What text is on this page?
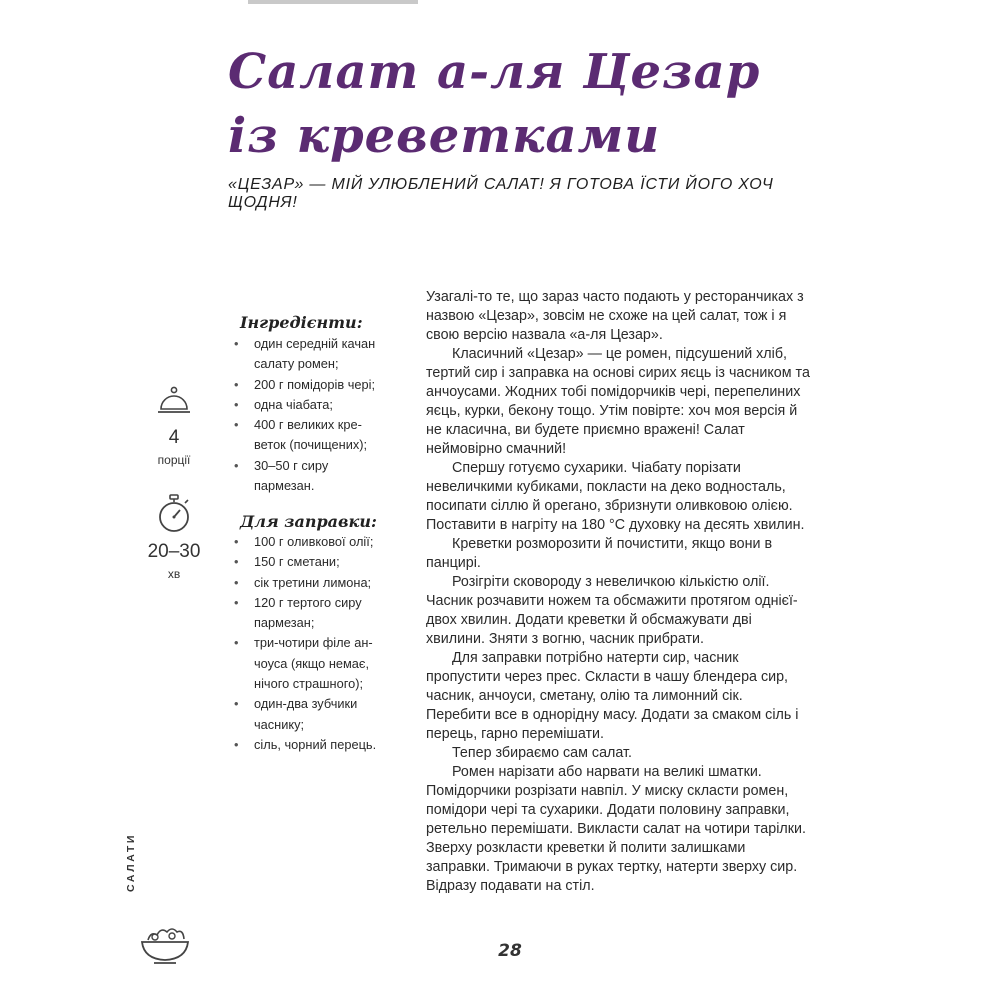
Салат а-ля Цезар
із креветками
«ЦЕЗАР» — МІЙ УЛЮБЛЕНИЙ САЛАТ! Я ГОТОВА ЇСТИ ЙОГО ХОЧ ЩОДНЯ!
4
порції
20–30
хв
Інгредієнти:
• один середній качан салату ромен;
• 200 г помідорів чері;
• одна чіабата;
• 400 г великих кре-веток (почищених);
• 30–50 г сиру пармезан.
Для заправки:
• 100 г оливкової олії;
• 150 г сметани;
• сік третини лимона;
• 120 г тертого сиру пармезан;
• три-чотири філе ан-чоуса (якщо немає, нічого страшного);
• один-два зубчики часнику;
• сіль, чорний перець.

Узагалі-то те, що зараз часто подають у ресторанчиках з назвою «Цезар», зовсім не схоже на цей салат, тож і я свою версію назвала «а-ля Цезар».

Класичний «Цезар» — це ромен, підсушений хліб, тертий сир і заправка на основі сирих яєць із часником та анчоусами. Жодних тобі помідорчиків чері, перепелиних яєць, курки, бекону тощо. Утім повірте: хоч моя версія й не класична, ви будете приємно вражені! Салат неймовірно смачний!

Спершу готуємо сухарики. Чіабату порізати невеличкими кубиками, покласти на деко водносталь, посипати сіллю й орегано, збризнути оливковою олією. Поставити в нагріту на 180 °С духовку на десять хвилин.

Креветки розморозити й почистити, якщо вони в панцирі.

Розігріти сковороду з невеличкою кількістю олії. Часник розчавити ножем та обсмажити протягом однієї-двох хвилин. Додати креветки й обсмажувати дві хвилини. Зняти з вогню, часник прибрати.

Для заправки потрібно натерти сир, часник пропустити через прес. Скласти в чашу блендера сир, часник, анчоуси, сметану, олію та лимонний сік. Перебити все в однорідну масу. Додати за смаком сіль і перець, гарно перемішати.

Тепер збираємо сам салат.

Ромен нарізати або нарвати на великі шматки. Помідорчики розрізати навпіл. У миску скласти ромен, помідори чері та сухарики. Додати половину заправки, ретельно перемішати. Викласти салат на чотири тарілки. Зверху розкласти креветки й полити залишками заправки. Тримаючи в руках тертку, натерти зверху сир. Відразу подавати на стіл.

САЛАТИ
28
